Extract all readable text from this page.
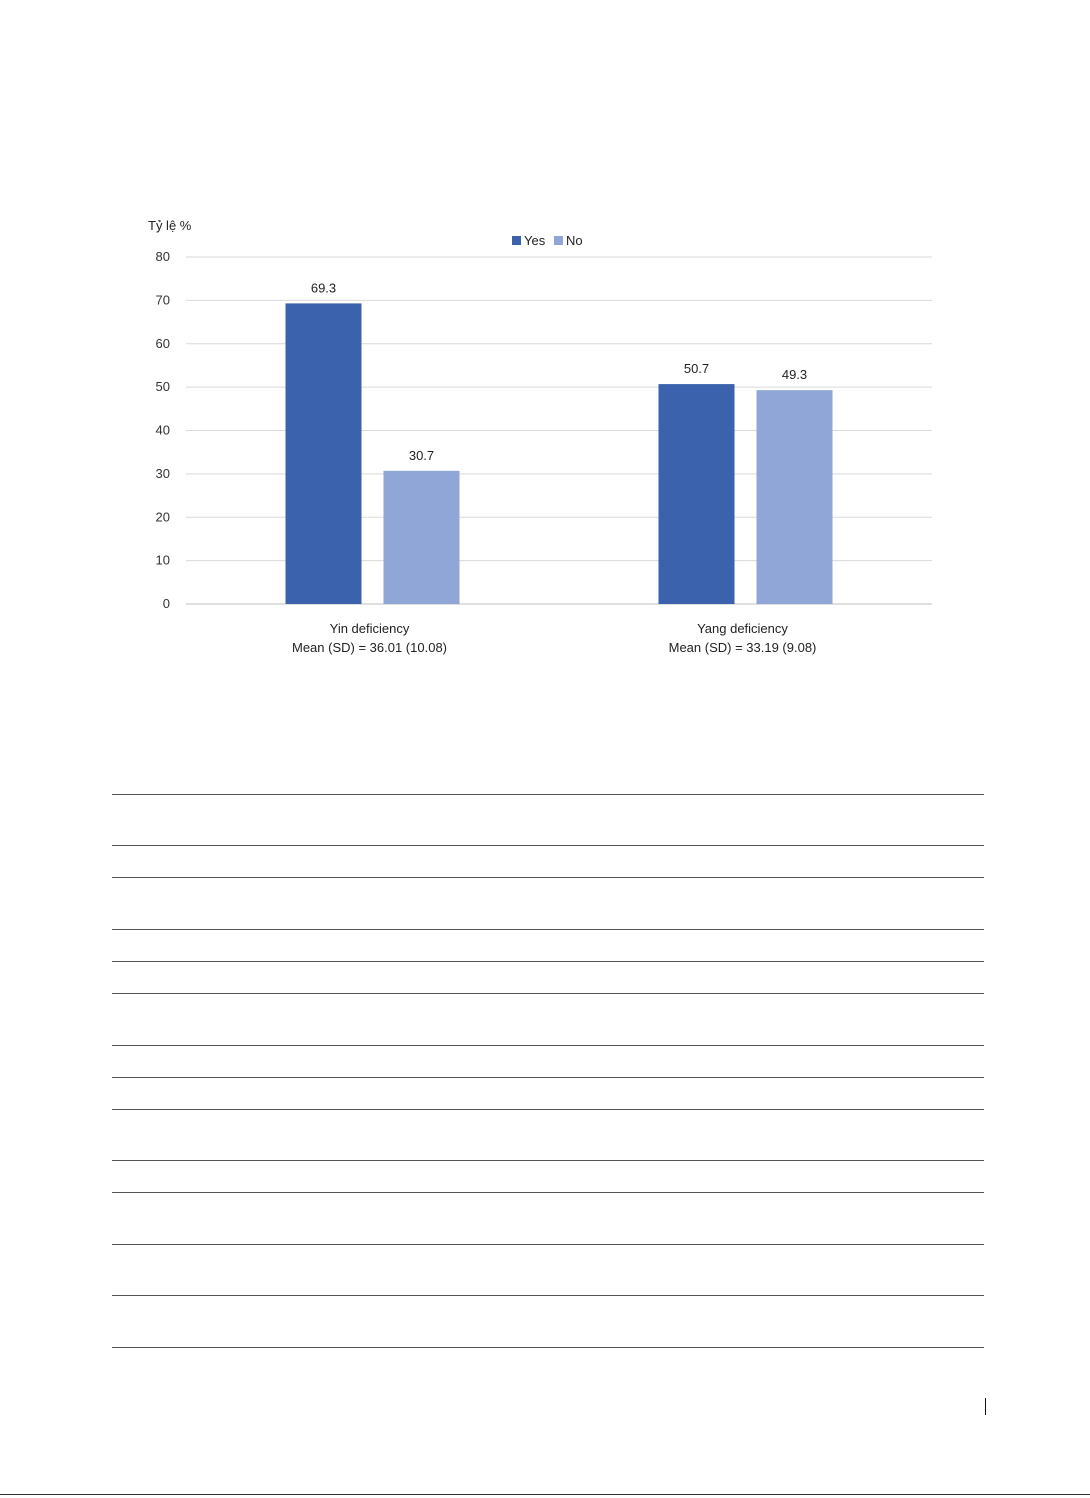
Tỷ lệ %
Yes No
0
10
20
30
40
50
60
70
80
69.3
30.7
50.7	49.3
Yin deficiency
Mean (SD) = 36.01 (10.08)
Yang deficiency
Mean (SD) = 33.19 (9.08)
